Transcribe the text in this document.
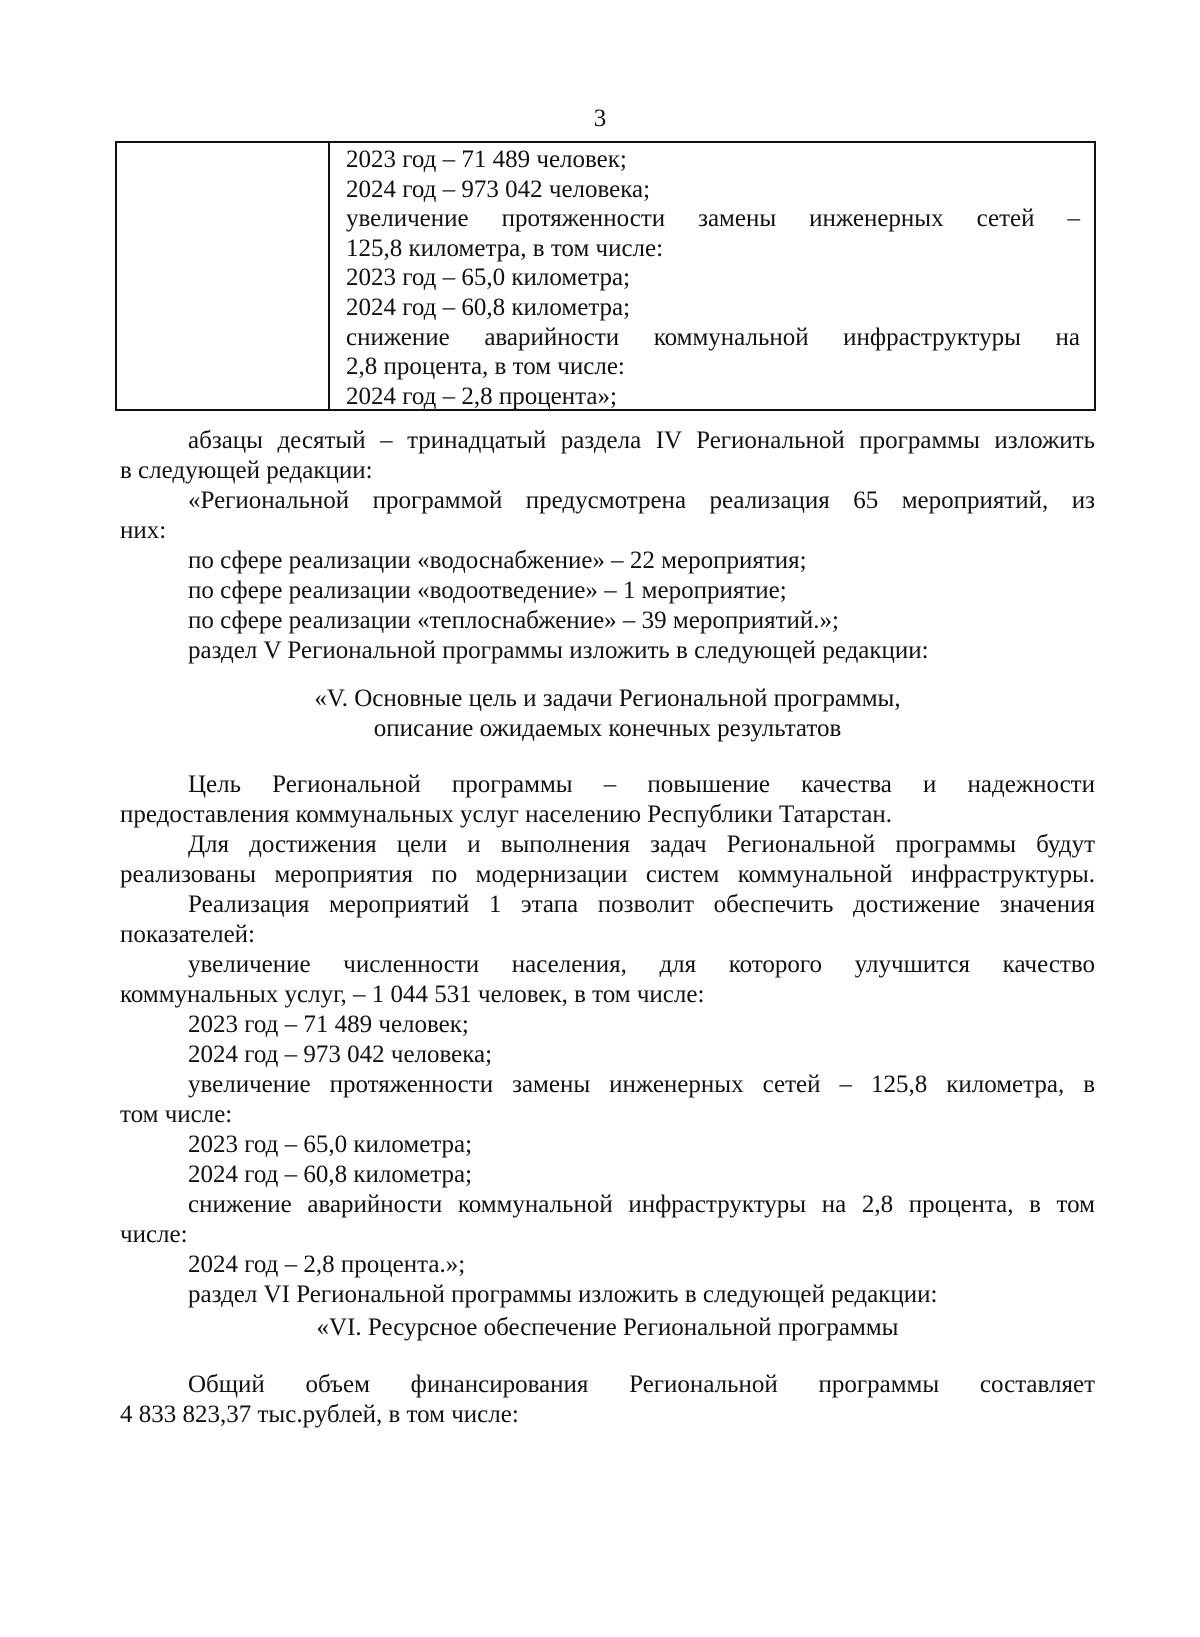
3
2023 год – 71 489 человек;
2024 год – 973 042 человека;
увеличение протяженности замены инженерных сетей –
125,8 километра, в том числе:
2023 год – 65,0 километра;
2024 год – 60,8 километра;
снижение аварийности коммунальной инфраструктуры на
2,8 процента, в том числе:
2024 год – 2,8 процента»;
абзацы десятый – тринадцатый раздела IV Региональной программы изложить
в следующей редакции:
«Региональной программой предусмотрена реализация 65 мероприятий, из
них:
по сфере реализации «водоснабжение» – 22 мероприятия;
по сфере реализации «водоотведение» – 1 мероприятие;
по сфере реализации «теплоснабжение» – 39 мероприятий.»;
раздел V Региональной программы изложить в следующей редакции:
«V. Основные цель и задачи Региональной программы,
описание ожидаемых конечных результатов
Цель Региональной программы – повышение качества и надежности
предоставления коммунальных услуг населению Республики Татарстан.
Для достижения цели и выполнения задач Региональной программы будут
реализованы мероприятия по модернизации систем коммунальной инфраструктуры.
Реализация мероприятий 1 этапа позволит обеспечить достижение значения
показателей:
увеличение численности населения, для которого улучшится качество
коммунальных услуг, – 1 044 531 человек, в том числе:
2023 год – 71 489 человек;
2024 год – 973 042 человека;
увеличение протяженности замены инженерных сетей – 125,8 километра, в
том числе:
2023 год – 65,0 километра;
2024 год – 60,8 километра;
снижение аварийности коммунальной инфраструктуры на 2,8 процента, в том
числе:
2024 год – 2,8 процента.»;
раздел VI Региональной программы изложить в следующей редакции:
«VI. Ресурсное обеспечение Региональной программы
Общий объем финансирования Региональной программы составляет
4 833 823,37 тыс.рублей, в том числе:
